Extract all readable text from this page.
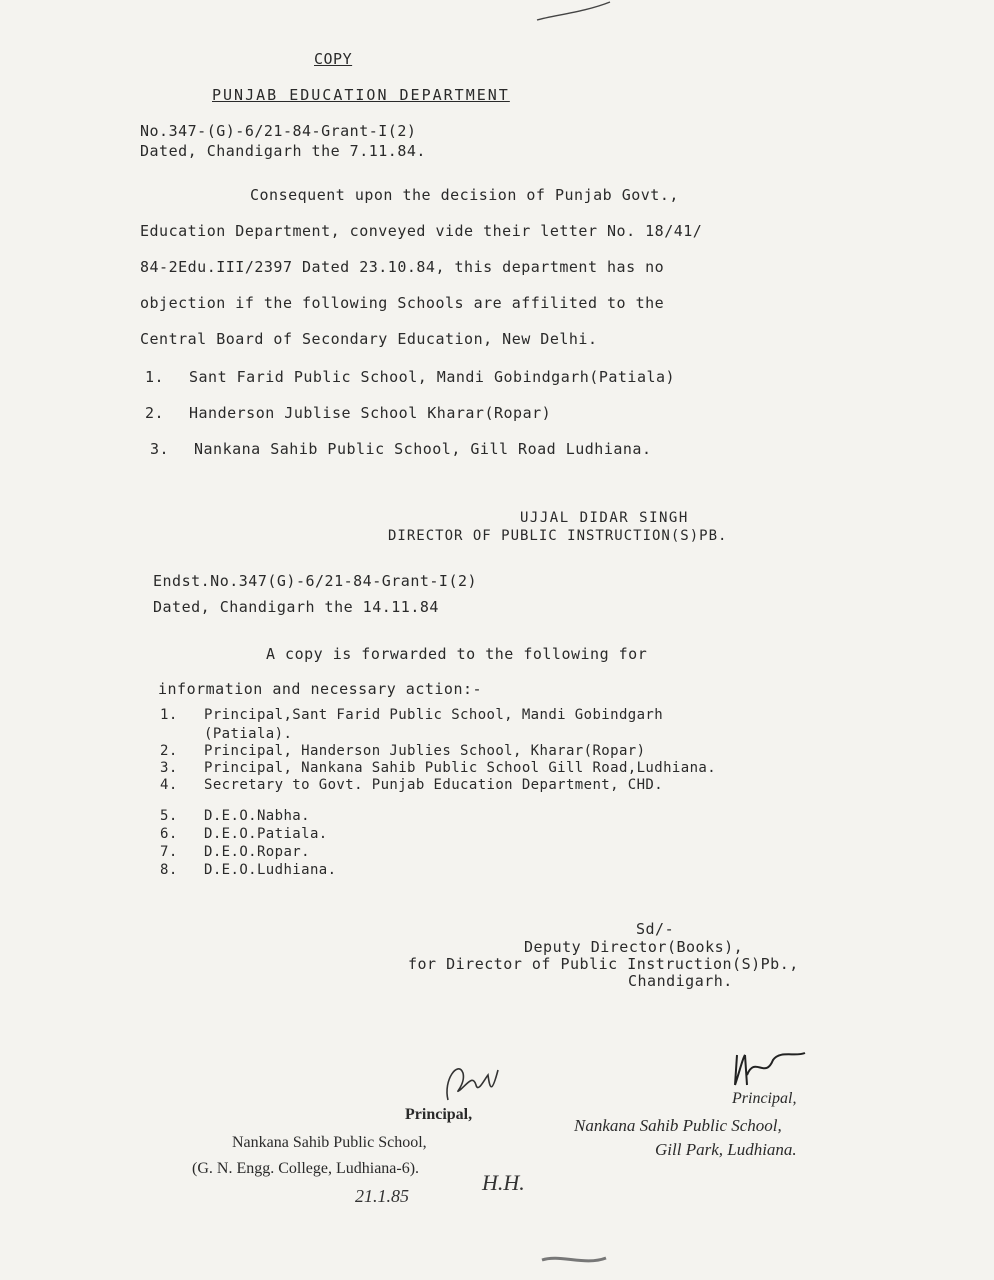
COPY
PUNJAB EDUCATION DEPARTMENT
No.347-(G)-6/21-84-Grant-I(2)
Dated, Chandigarh the 7.11.84.
Consequent upon the decision of Punjab Govt.,
Education Department, conveyed vide their letter No. 18/41/
84-2Edu.III/2397 Dated 23.10.84, this department has no
objection if the following Schools are affilited to the
Central Board of Secondary Education, New Delhi.
1. Sant Farid Public School, Mandi Gobindgarh(Patiala)
2. Handerson Jublise School Kharar(Ropar)
3. Nankana Sahib Public School, Gill Road Ludhiana.
UJJAL DIDAR SINGH
DIRECTOR OF PUBLIC INSTRUCTION(S)PB.
Endst.No.347(G)-6/21-84-Grant-I(2)
Dated, Chandigarh the 14.11.84
A copy is forwarded to the following for
information and necessary action:-
1. Principal,Sant Farid Public School, Mandi Gobindgarh
(Patiala).
2. Principal, Handerson Jublies School, Kharar(Ropar)
3. Principal, Nankana Sahib Public School Gill Road,Ludhiana.
4. Secretary to Govt. Punjab Education Department, CHD.
5. D.E.O.Nabha.
6. D.E.O.Patiala.
7. D.E.O.Ropar.
8. D.E.O.Ludhiana.
Sd/-
Deputy Director(Books),
for Director of Public Instruction(S)Pb.,
Chandigarh.
Principal,
Nankana Sahib Public School,
(G. N. Engg. College, Ludhiana-6).
21.1.85
H.H.
Principal,
Nankana Sahib Public School,
Gill Park, Ludhiana.
